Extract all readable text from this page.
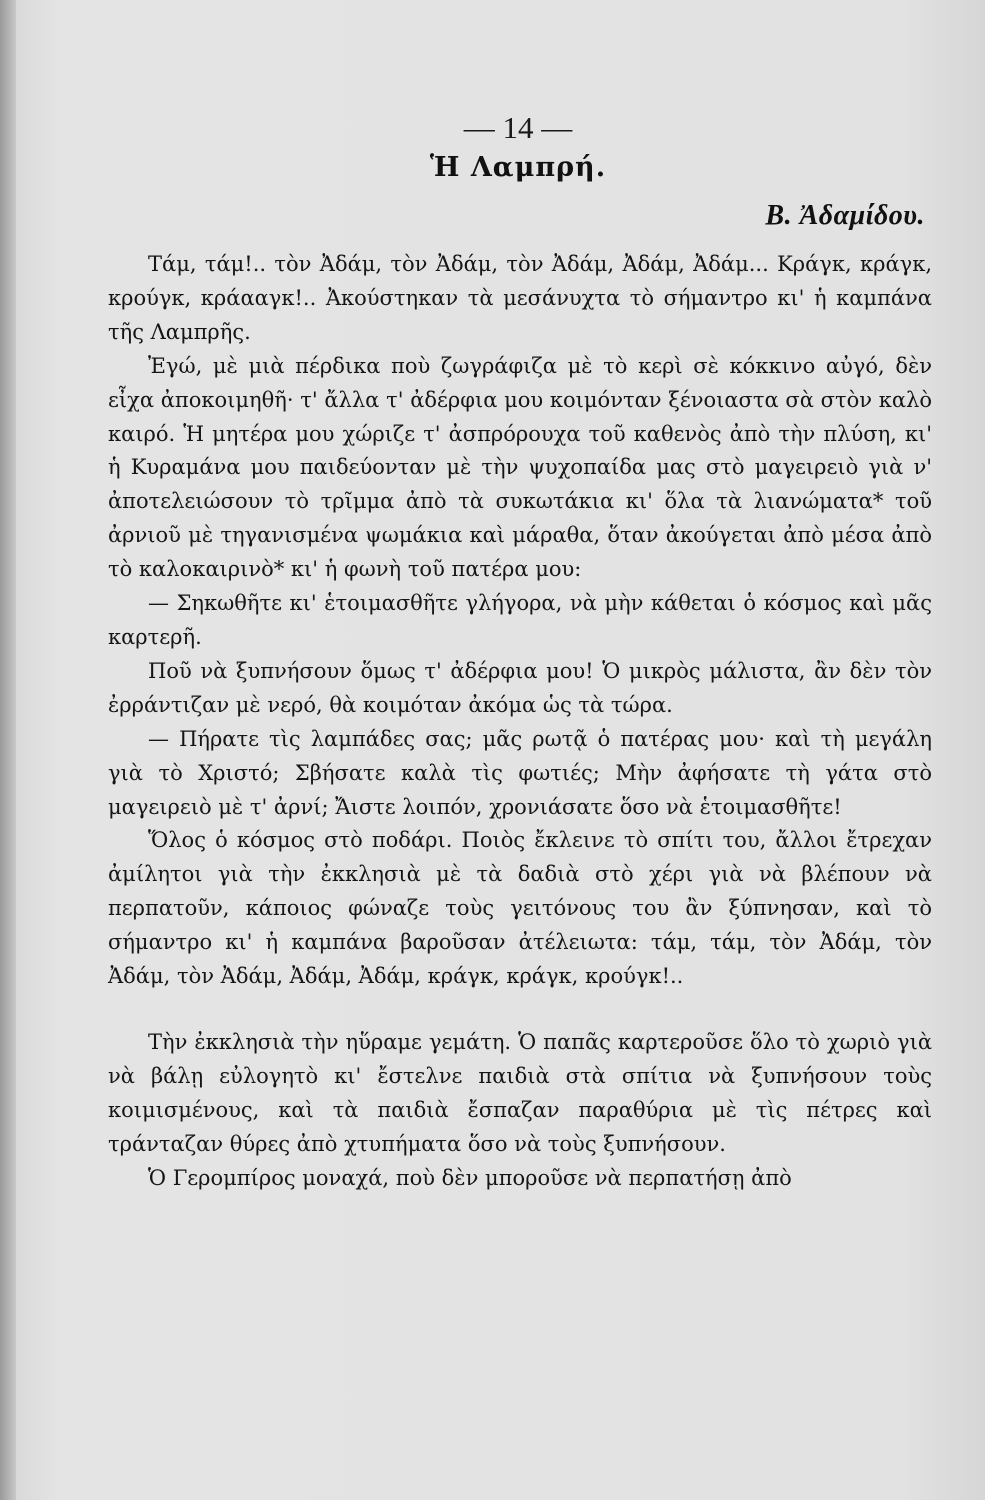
— 14 —
Ἡ Λαμπρή.
Β. Ἀδαμίδου.

Τάμ, τάμ!.. τὸν Ἀδάμ, τὸν Ἀδάμ, τὸν Ἀδάμ, Ἀδάμ, Ἀδάμ... Κράγκ, κράγκ, κρούγκ, κράααγκ!.. Ἀκούστηκαν τὰ μεσάνυχτα τὸ σήμαντρο κι' ἡ καμπάνα τῆς Λαμπρῆς.

Ἐγώ, μὲ μιὰ πέρδικα ποὺ ζωγράφιζα μὲ τὸ κερὶ σὲ κόκκινο αὐγό, δὲν εἶχα ἀποκοιμηθῆ· τ' ἄλλα τ' ἀδέρφια μου κοιμόνταν ξένοιαστα σὰ στὸν καλὸ καιρό. Ἡ μητέρα μου χώριζε τ' ἀσπρόρουχα τοῦ καθενὸς ἀπὸ τὴν πλύση, κι' ἡ Κυραμάνα μου παιδεύονταν μὲ τὴν ψυχοπαίδα μας στὸ μαγειρειὸ γιὰ ν' ἀποτελειώσουν τὸ τρῖμμα ἀπὸ τὰ συκωτάκια κι' ὅλα τὰ λιανώματα* τοῦ ἀρνιοῦ μὲ τηγανισμένα ψωμάκια καὶ μάραθα, ὅταν ἀκούγεται ἀπὸ μέσα ἀπὸ τὸ καλοκαιρινὸ* κι' ἡ φωνὴ τοῦ πατέρα μου:

— Σηκωθῆτε κι' ἑτοιμασθῆτε γλήγορα, νὰ μὴν κάθεται ὁ κόσμος καὶ μᾶς καρτερῆ.

Ποῦ νὰ ξυπνήσουν ὅμως τ' ἀδέρφια μου! Ὁ μικρὸς μάλιστα, ἂν δὲν τὸν ἐρράντιζαν μὲ νερό, θὰ κοιμόταν ἀκόμα ὡς τὰ τώρα.

— Πήρατε τὶς λαμπάδες σας; μᾶς ρωτᾷ ὁ πατέρας μου· καὶ τὴ μεγάλη γιὰ τὸ Χριστό; Σβήσατε καλὰ τὶς φωτιές; Μὴν ἀφήσατε τὴ γάτα στὸ μαγειρειὸ μὲ τ' ἀρνί; Ἄιστε λοιπόν, χρονιάσατε ὅσο νὰ ἑτοιμασθῆτε!

Ὅλος ὁ κόσμος στὸ ποδάρι. Ποιὸς ἔκλεινε τὸ σπίτι του, ἄλλοι ἔτρεχαν ἀμίλητοι γιὰ τὴν ἐκκλησιὰ μὲ τὰ δαδιὰ στὸ χέρι γιὰ νὰ βλέπουν νὰ περπατοῦν, κάποιος φώναζε τοὺς γειτόνους του ἂν ξύπνησαν, καὶ τὸ σήμαντρο κι' ἡ καμπάνα βαροῦσαν ἀτέλειωτα: τάμ, τάμ, τὸν Ἀδάμ, τὸν Ἀδάμ, τὸν Ἀδάμ, Ἀδάμ, Ἀδάμ, κράγκ, κράγκ, κρούγκ!..

Τὴν ἐκκλησιὰ τὴν ηὕραμε γεμάτη. Ὁ παπᾶς καρτεροῦσε ὅλο τὸ χωριὸ γιὰ νὰ βάλῃ εὐλογητὸ κι' ἔστελνε παιδιὰ στὰ σπίτια νὰ ξυπνήσουν τοὺς κοιμισμένους, καὶ τὰ παιδιὰ ἔσπαζαν παραθύρια μὲ τὶς πέτρες καὶ τράνταζαν θύρες ἀπὸ χτυπήματα ὅσο νὰ τοὺς ξυπνήσουν.

Ὁ Γερομπίρος μοναχά, ποὺ δὲν μποροῦσε νὰ περπατήσῃ ἀπὸ
